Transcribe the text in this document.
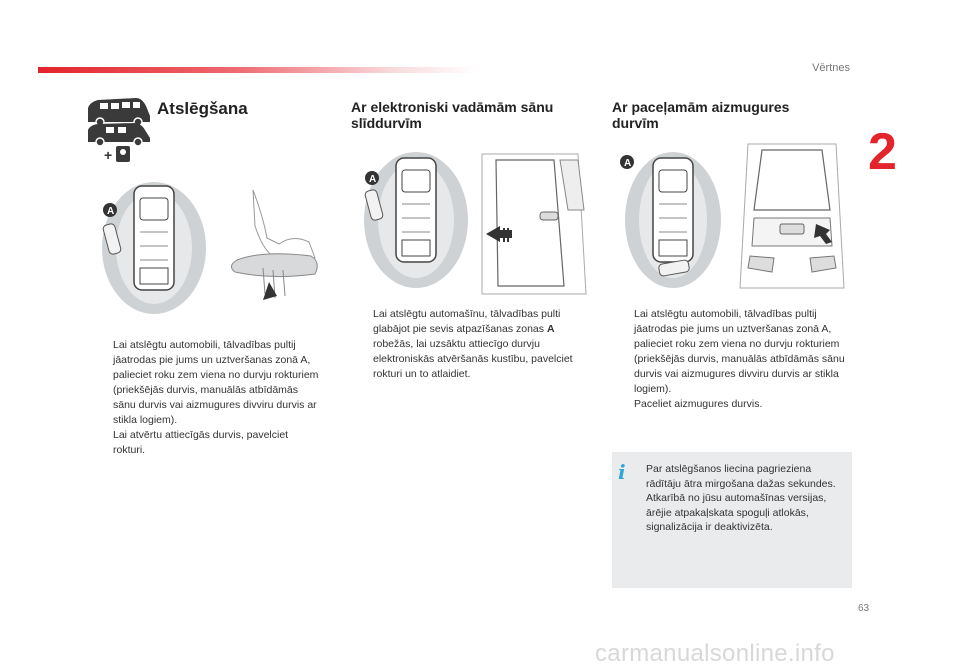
Vērtnes
2
+
Atslēgšana
A
Lai atslēgtu automobili, tālvadības pultij jāatrodas pie jums un uztveršanas zonā A, palieciet roku zem viena no durvju rokturiem (priekšējās durvis, manuālās atbīdāmās sānu durvis vai aizmugures divviru durvis ar stikla logiem).
Lai atvērtu attiecīgās durvis, pavelciet rokturi.
Ar elektroniski vadāmām sānu slīddurvīm
A
Lai atslēgtu automašīnu, tālvadības pulti glabājot pie sevis atpazīšanas zonas A robežās, lai uzsāktu attiecīgo durvju elektroniskās atvēršanās kustību, pavelciet rokturi un to atlaidiet.
Ar paceļamām aizmugures durvīm
A
Lai atslēgtu automobili, tālvadības pultij jāatrodas pie jums un uztveršanas zonā A, palieciet roku zem viena no durvju rokturiem (priekšējās durvis, manuālās atbīdāmās sānu durvis vai aizmugures divviru durvis ar stikla logiem).
Paceliet aizmugures durvis.
i	Par atslēgšanos liecina pagrieziena rādītāju ātra mirgošana dažas sekundes.
Atkarībā no jūsu automašīnas versijas, ārējie atpakaļskata spoguļi atlokās, signalizācija ir deaktivizēta.
63
carmanualsonline.info
